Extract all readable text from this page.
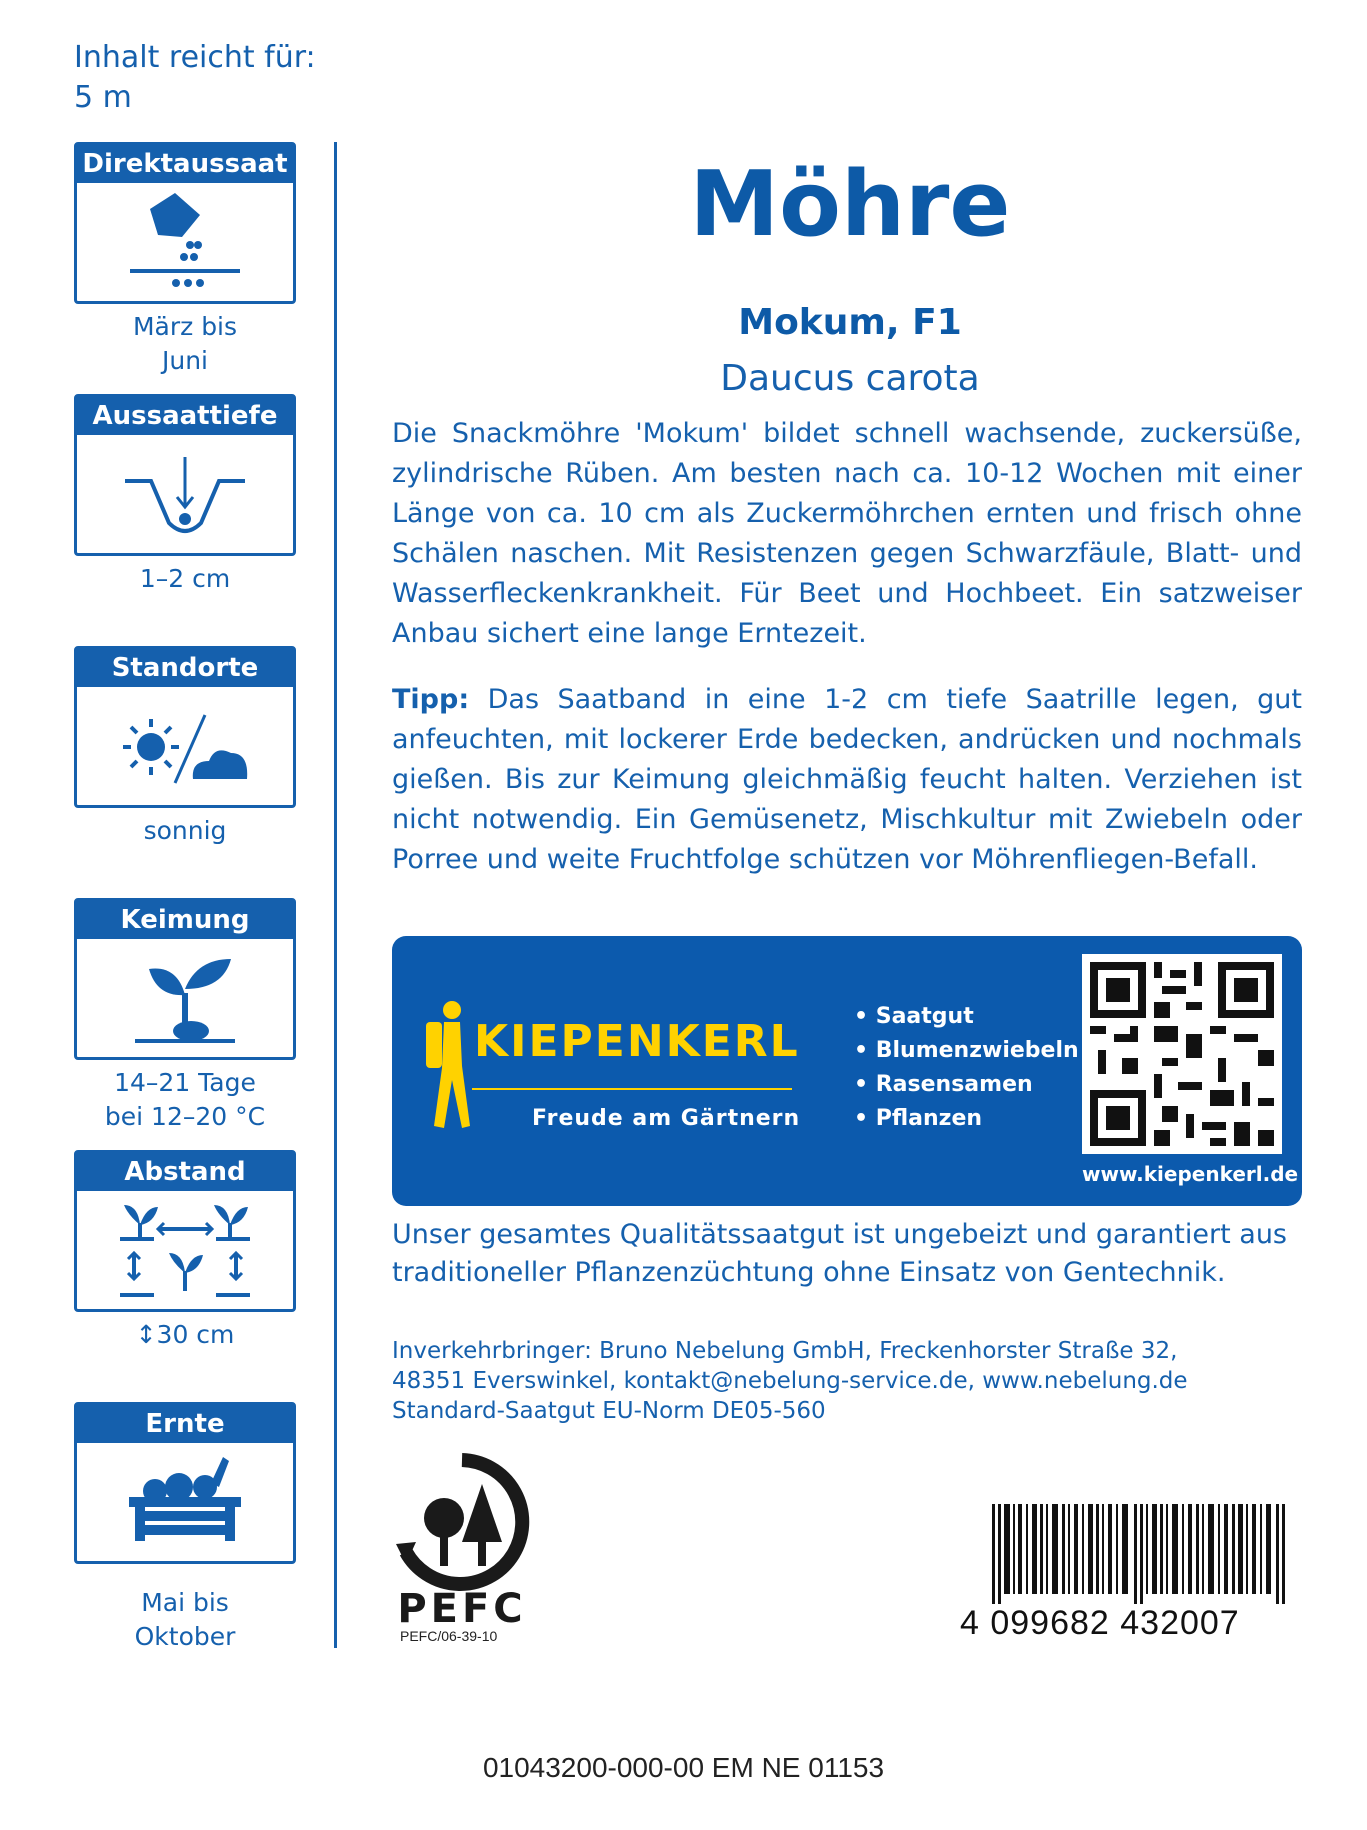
Inhalt reicht für:
5 m
Direktaussaat
März bis
Juni
Aussaattiefe
1–2 cm
Standorte
sonnig
Keimung
14–21 Tage
bei 12–20 °C
Abstand
↕30 cm
Ernte
Mai bis
Oktober
Möhre
Mokum, F1
Daucus carota
Die Snackmöhre 'Mokum' bildet schnell wachsende, zuckersüße, zylindrische Rüben. Am besten nach ca. 10-12 Wochen mit einer Länge von ca. 10 cm als Zuckermöhrchen ernten und frisch ohne Schälen naschen. Mit Resistenzen gegen Schwarzfäule, Blatt- und Wasserfleckenkrankheit. Für Beet und Hochbeet. Ein satzweiser Anbau sichert eine lange Erntezeit.
Tipp: Das Saatband in eine 1-2 cm tiefe Saatrille legen, gut anfeuchten, mit lockerer Erde bedecken, andrücken und nochmals gießen. Bis zur Keimung gleichmäßig feucht halten. Verziehen ist nicht notwendig. Ein Gemüsenetz, Mischkultur mit Zwiebeln oder Porree und weite Fruchtfolge schützen vor Möhrenfliegen-Befall.
KIEPENKERL
Freude am Gärtnern
• Saatgut
• Blumenzwiebeln
• Rasensamen
• Pflanzen
www.kiepenkerl.de
Unser gesamtes Qualitätssaatgut ist ungebeizt und garantiert aus traditioneller Pflanzenzüchtung ohne Einsatz von Gentechnik.
Inverkehrbringer: Bruno Nebelung GmbH, Freckenhorster Straße 32,
48351 Everswinkel, kontakt@nebelung-service.de, www.nebelung.de
Standard-Saatgut EU-Norm DE05-560
PEFC
PEFC/06-39-10	4 099682 432007
01043200-000-00 EM NE 01153
